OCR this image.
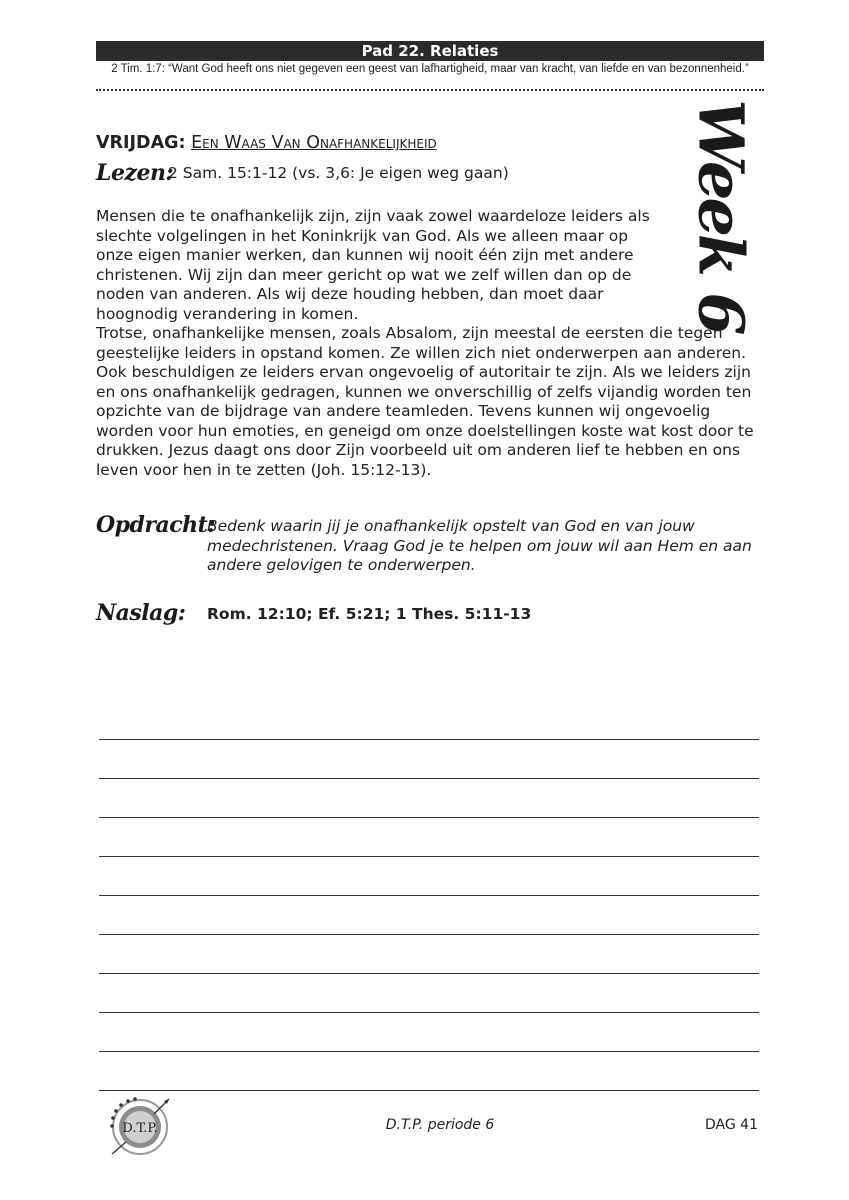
Pad 22. Relaties
2 Tim. 1:7: “Want God heeft ons niet gegeven een geest van lafhartigheid, maar van kracht, van liefde en van bezonnenheid.”
VRIJDAG: Een Waas Van Onafhankelijkheid	Week 6
Lezen:
2 Sam. 15:1-12 (vs. 3,6: Je eigen weg gaan)

Mensen die te onafhankelijk zijn, zijn vaak zowel waardeloze leiders als slechte volgelingen in het Koninkrijk van God. Als we alleen maar op onze eigen manier werken, dan kunnen wij nooit één zijn met andere christenen. Wij zijn dan meer gericht op wat we zelf willen dan op de noden van anderen. Als wij deze houding hebben, dan moet daar hoognodig verandering in komen.

Trotse, onafhankelijke mensen, zoals Absalom, zijn meestal de eersten die tegen geestelijke leiders in opstand komen. Ze willen zich niet onderwerpen aan anderen. Ook beschuldigen ze leiders ervan ongevoelig of autoritair te zijn. Als we leiders zijn en ons onafhankelijk gedragen, kunnen we onverschillig of zelfs vijandig worden ten opzichte van de bijdrage van andere teamleden. Tevens kunnen wij ongevoelig worden voor hun emoties, en geneigd om onze doelstellingen koste wat kost door te drukken. Jezus daagt ons door Zijn voorbeeld uit om anderen lief te hebben en ons leven voor hen in te zetten (Joh. 15:12-13).

Opdracht:

Bedenk waarin jij je onafhankelijk opstelt van God en van jouw medechristenen. Vraag God je te helpen om jouw wil aan Hem en aan andere gelovigen te onderwerpen.

Naslag: Rom. 12:10; Ef. 5:21; 1 Thes. 5:11-13
D.T.P.	D.T.P. periode 6	DAG 41
